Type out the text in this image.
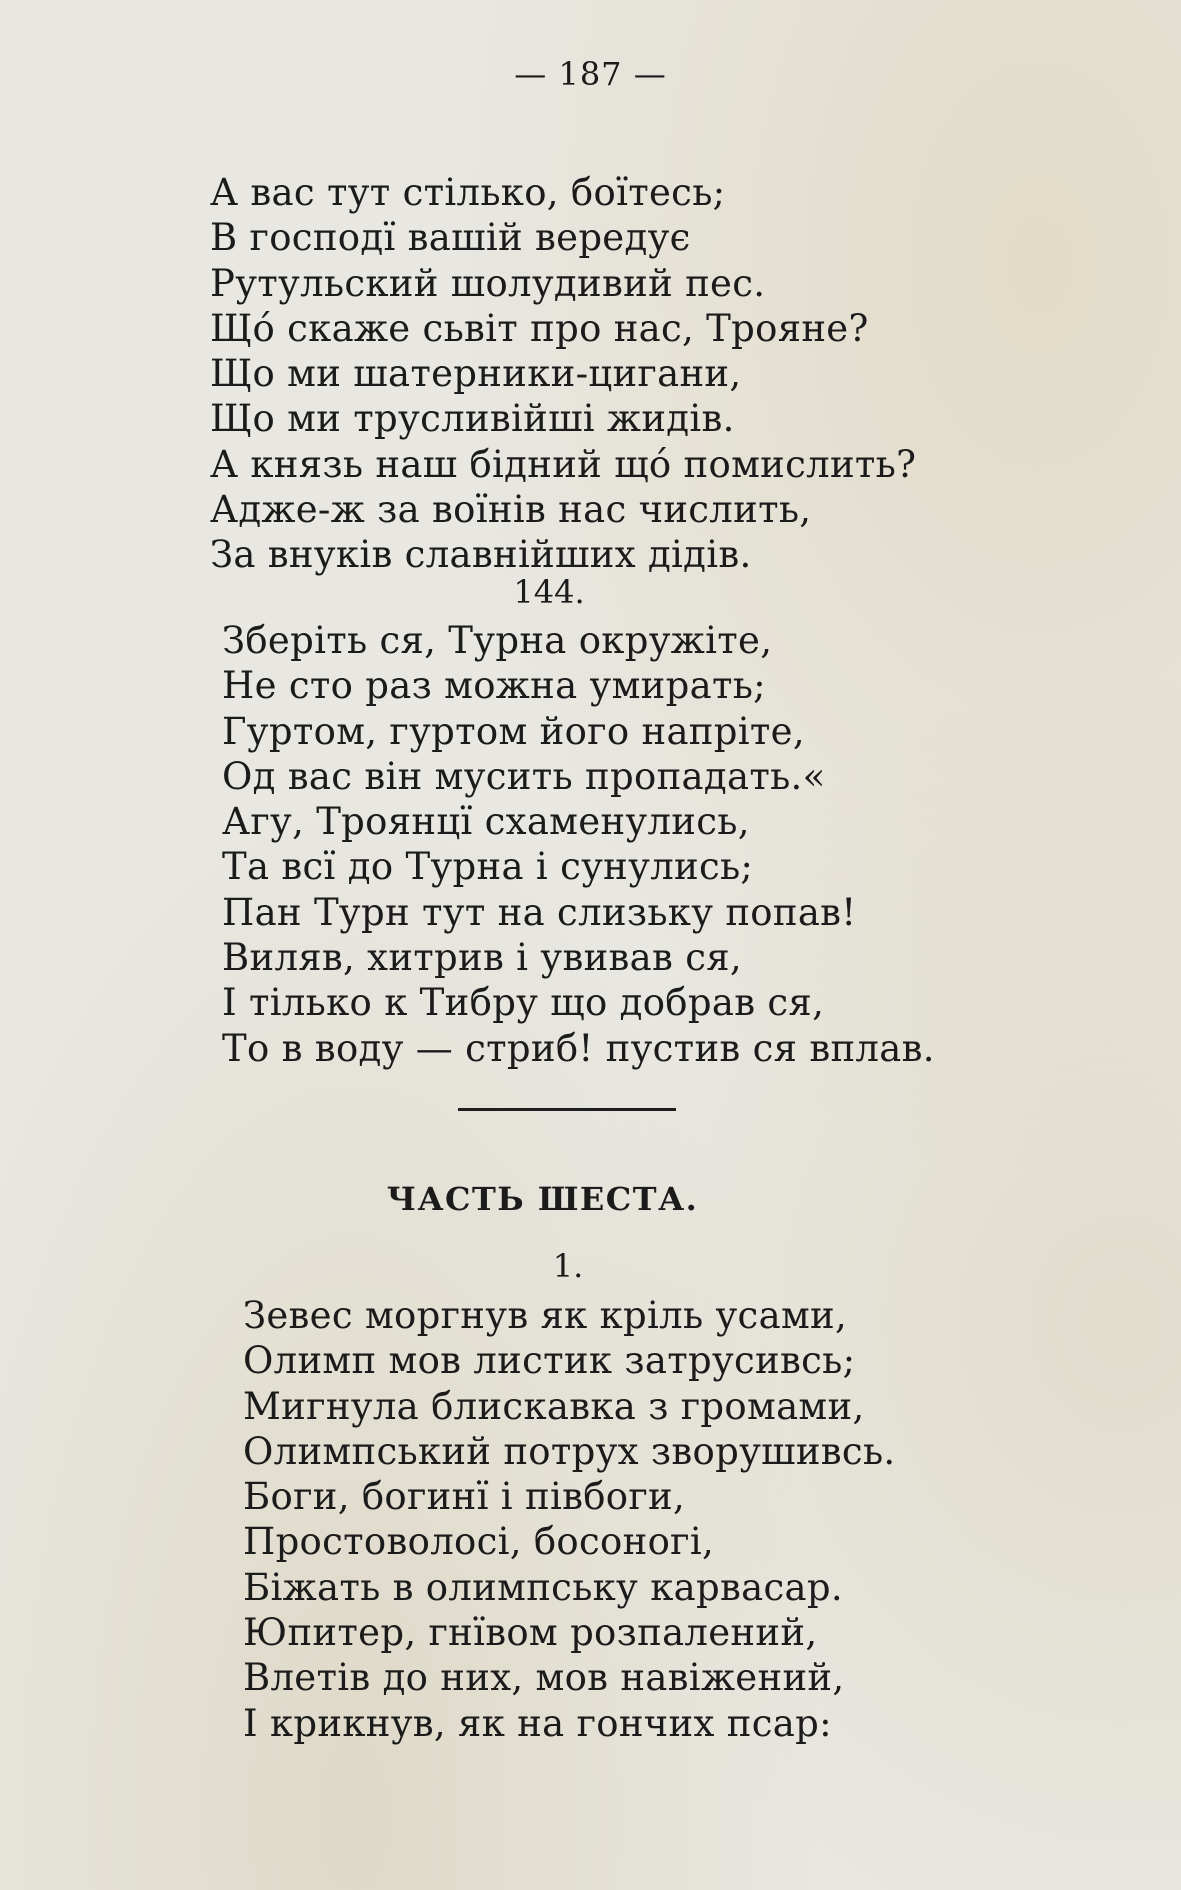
— 187 —
А вас тут стілько, боїтесь;
В господї вашій вередує
Рутульский шолудивий пес.
Щó скаже сьвіт про нас, Трояне?
Що ми шатерники-цигани,
Що ми трусливійші жидів.
А князь наш бідний щó помислить?
Адже-ж за воїнів нас числить,
За внуків славнійших дідів.
144.
Зберіть ся, Турна окружіте,
Не сто раз можна умирать;
Гуртом, гуртом його напріте,
Од вас він мусить пропадать.«
Агу, Троянцї схаменулись,
Та всї до Турна і сунулись;
Пан Турн тут на слизьку попав!
Виляв, хитрив і увивав ся,
І тілько к Тибру що добрав ся,
То в воду — стриб! пустив ся вплав.
ЧАСТЬ ШЕСТА.
1.
Зевес моргнув як кріль усами,
Олимп мов листик затрусивсь;
Мигнула блискавка з громами,
Олимпський потрух зворушивсь.
Боги, богинї і півбоги,
Простоволосі, босоногі,
Біжать в олимпську карвасар.
Юпитер, гнївом розпалений,
Влетів до них, мов навіжений,
І крикнув, як на гончих псар:
